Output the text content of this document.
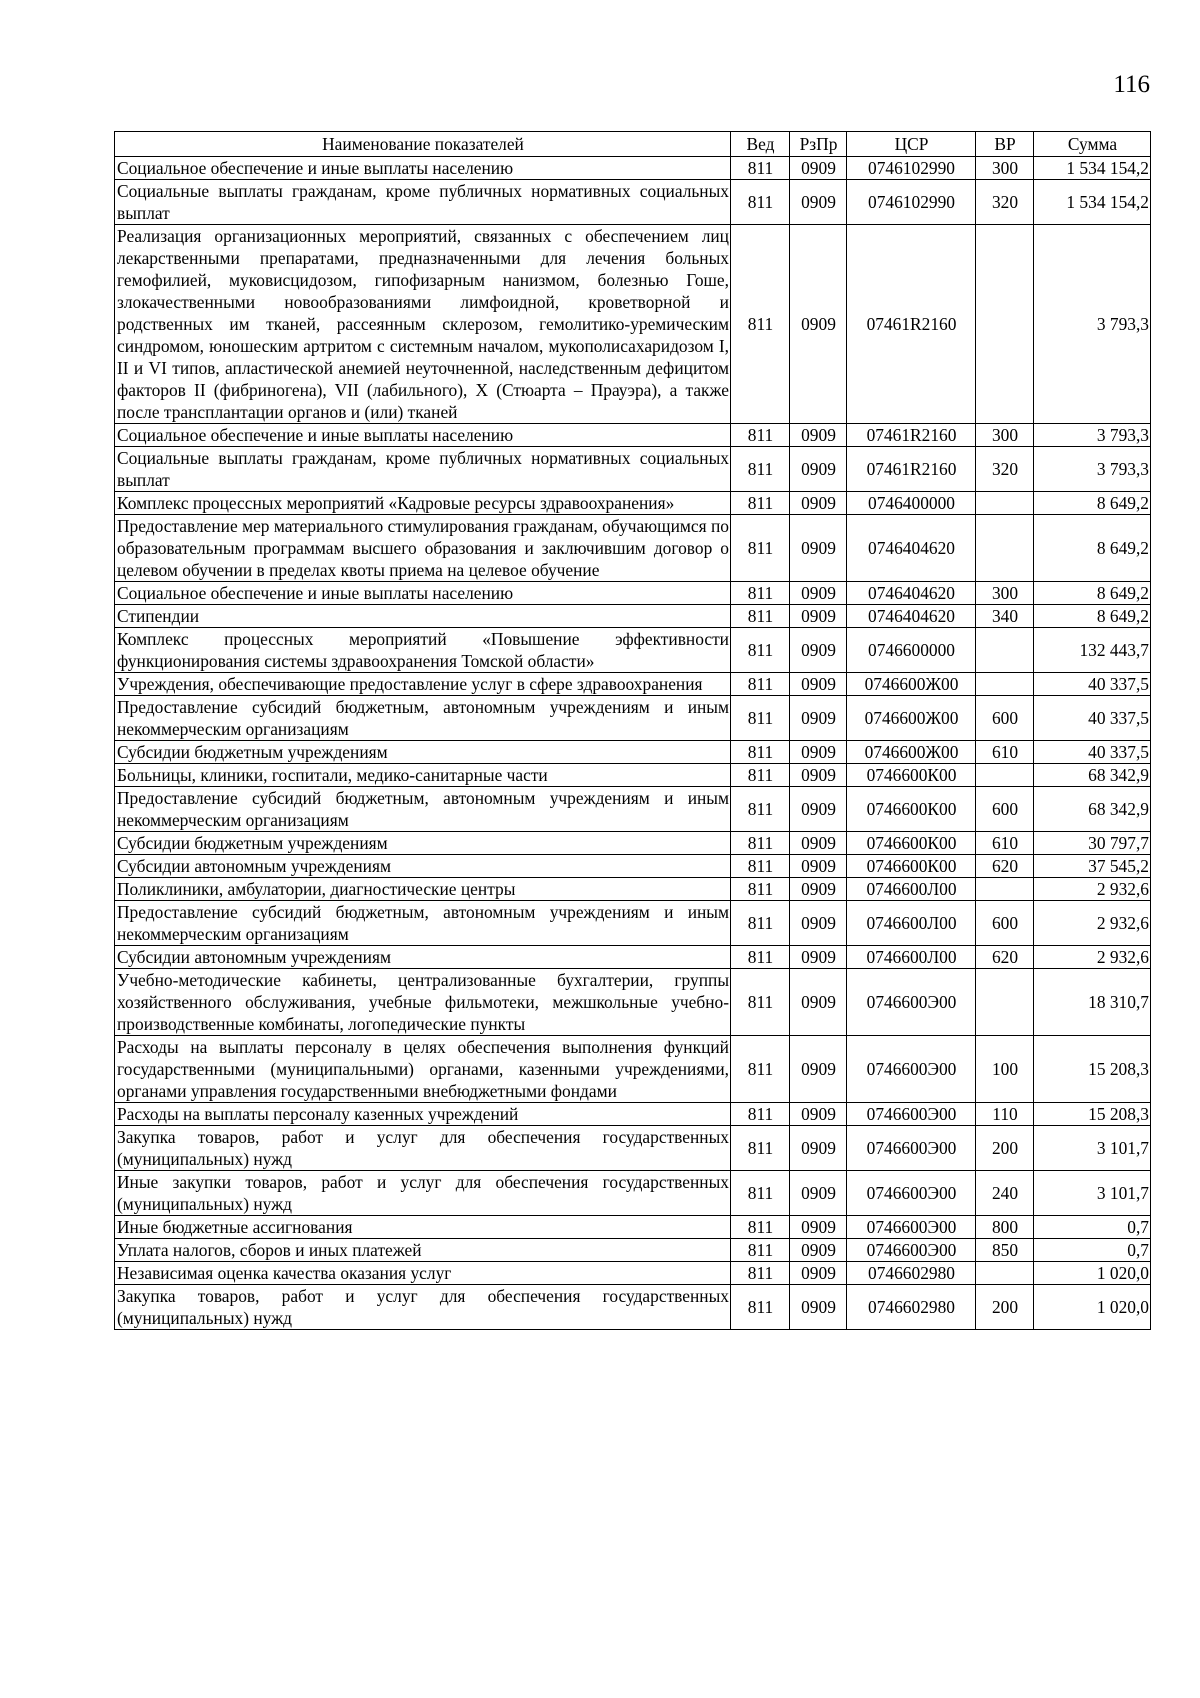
116
Наименование показателей	Вед	РзПр	ЦСР	ВР	Сумма
Социальное обеспечение и иные выплаты населению	811	0909	0746102990	300	1 534 154,2
Социальные выплаты гражданам, кроме публичных нормативных социальных выплат	811	0909	0746102990	320	1 534 154,2
Реализация организационных мероприятий, связанных с обеспечением лиц лекарственными препаратами, предназначенными для лечения больных гемофилией, муковисцидозом, гипофизарным нанизмом, болезнью Гоше, злокачественными новообразованиями лимфоидной, кроветворной и родственных им тканей, рассеянным склерозом, гемолитико-уремическим синдромом, юношеским артритом с системным началом, мукополисахаридозом I, II и VI типов, апластической анемией неуточненной, наследственным дефицитом факторов II (фибриногена), VII (лабильного), X (Стюарта – Прауэра), а также после трансплантации органов и (или) тканей	811	0909	07461R2160		3 793,3
Социальное обеспечение и иные выплаты населению	811	0909	07461R2160	300	3 793,3
Социальные выплаты гражданам, кроме публичных нормативных социальных выплат	811	0909	07461R2160	320	3 793,3
Комплекс процессных мероприятий «Кадровые ресурсы здравоохранения»	811	0909	0746400000		8 649,2
Предоставление мер материального стимулирования гражданам, обучающимся по образовательным программам высшего образования и заключившим договор о целевом обучении в пределах квоты приема на целевое обучение	811	0909	0746404620		8 649,2
Социальное обеспечение и иные выплаты населению	811	0909	0746404620	300	8 649,2
Стипендии	811	0909	0746404620	340	8 649,2
Комплекс процессных мероприятий «Повышение эффективности функционирования системы здравоохранения Томской области»	811	0909	0746600000		132 443,7
Учреждения, обеспечивающие предоставление услуг в сфере здравоохранения	811	0909	0746600Ж00		40 337,5
Предоставление субсидий бюджетным, автономным учреждениям и иным некоммерческим организациям	811	0909	0746600Ж00	600	40 337,5
Субсидии бюджетным учреждениям	811	0909	0746600Ж00	610	40 337,5
Больницы, клиники, госпитали, медико-санитарные части	811	0909	0746600К00		68 342,9
Предоставление субсидий бюджетным, автономным учреждениям и иным некоммерческим организациям	811	0909	0746600К00	600	68 342,9
Субсидии бюджетным учреждениям	811	0909	0746600К00	610	30 797,7
Субсидии автономным учреждениям	811	0909	0746600К00	620	37 545,2
Поликлиники, амбулатории, диагностические центры	811	0909	0746600Л00		2 932,6
Предоставление субсидий бюджетным, автономным учреждениям и иным некоммерческим организациям	811	0909	0746600Л00	600	2 932,6
Субсидии автономным учреждениям	811	0909	0746600Л00	620	2 932,6
Учебно-методические кабинеты, централизованные бухгалтерии, группы хозяйственного обслуживания, учебные фильмотеки, межшкольные учебно-производственные комбинаты, логопедические пункты	811	0909	0746600Э00		18 310,7
Расходы на выплаты персоналу в целях обеспечения выполнения функций государственными (муниципальными) органами, казенными учреждениями, органами управления государственными внебюджетными фондами	811	0909	0746600Э00	100	15 208,3
Расходы на выплаты персоналу казенных учреждений	811	0909	0746600Э00	110	15 208,3
Закупка товаров, работ и услуг для обеспечения государственных (муниципальных) нужд	811	0909	0746600Э00	200	3 101,7
Иные закупки товаров, работ и услуг для обеспечения государственных (муниципальных) нужд	811	0909	0746600Э00	240	3 101,7
Иные бюджетные ассигнования	811	0909	0746600Э00	800	0,7
Уплата налогов, сборов и иных платежей	811	0909	0746600Э00	850	0,7
Независимая оценка качества оказания услуг	811	0909	0746602980		1 020,0
Закупка товаров, работ и услуг для обеспечения государственных (муниципальных) нужд	811	0909	0746602980	200	1 020,0
